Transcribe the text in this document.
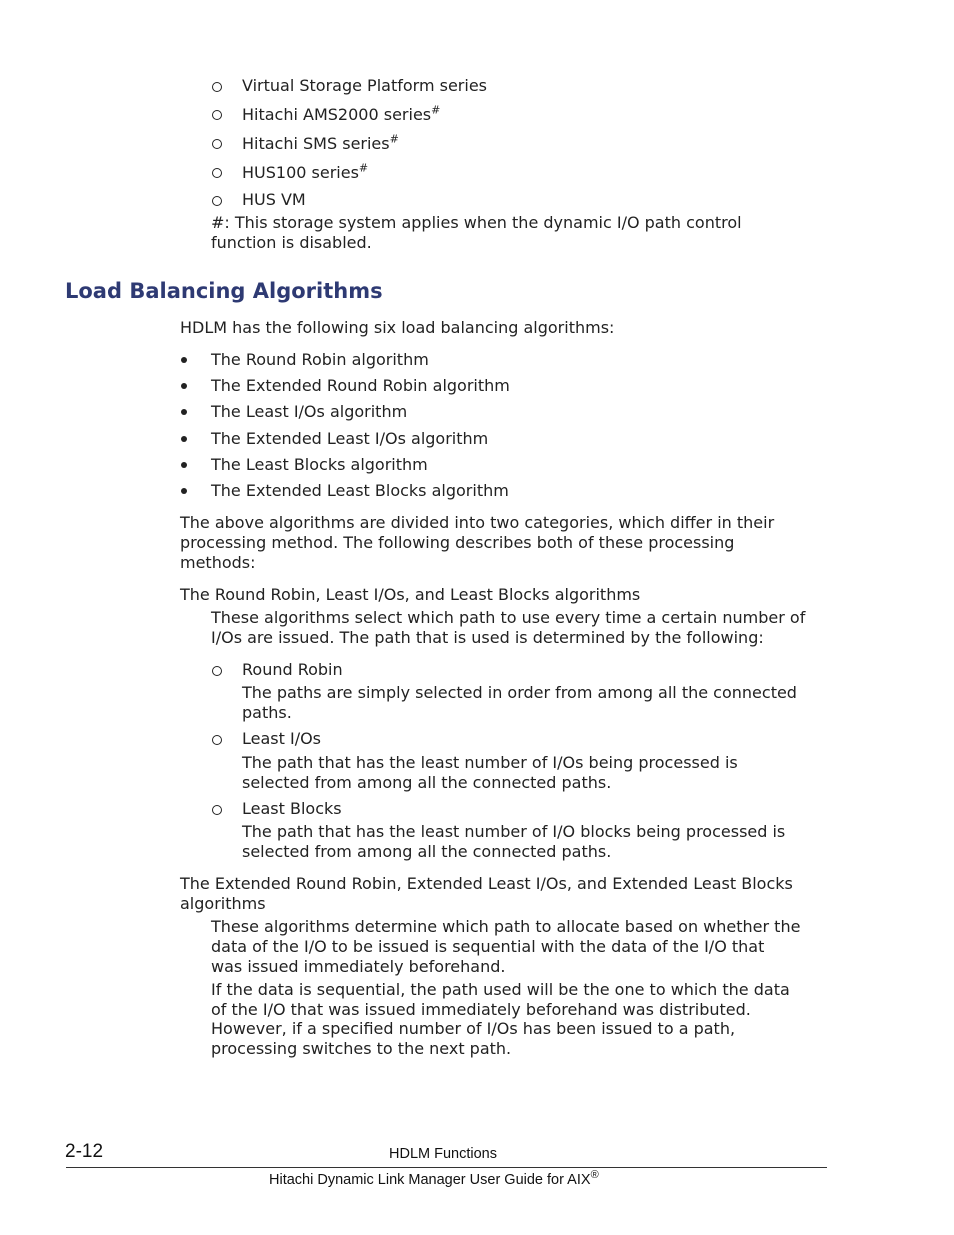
Virtual Storage Platform series
Hitachi AMS2000 series#
Hitachi SMS series#
HUS100 series#
HUS VM
#: This storage system applies when the dynamic I/O path control
function is disabled.
Load Balancing Algorithms
HDLM has the following six load balancing algorithms:
The Round Robin algorithm
The Extended Round Robin algorithm
The Least I/Os algorithm
The Extended Least I/Os algorithm
The Least Blocks algorithm
The Extended Least Blocks algorithm
The above algorithms are divided into two categories, which differ in their
processing method. The following describes both of these processing
methods:
The Round Robin, Least I/Os, and Least Blocks algorithms
These algorithms select which path to use every time a certain number of
I/Os are issued. The path that is used is determined by the following:
Round Robin
The paths are simply selected in order from among all the connected
paths.
Least I/Os
The path that has the least number of I/Os being processed is
selected from among all the connected paths.
Least Blocks
The path that has the least number of I/O blocks being processed is
selected from among all the connected paths.
The Extended Round Robin, Extended Least I/Os, and Extended Least Blocks
algorithms
These algorithms determine which path to allocate based on whether the
data of the I/O to be issued is sequential with the data of the I/O that
was issued immediately beforehand.
If the data is sequential, the path used will be the one to which the data
of the I/O that was issued immediately beforehand was distributed.
However, if a specified number of I/Os has been issued to a path,
processing switches to the next path.
2-12	HDLM Functions
Hitachi Dynamic Link Manager User Guide for AIX®
